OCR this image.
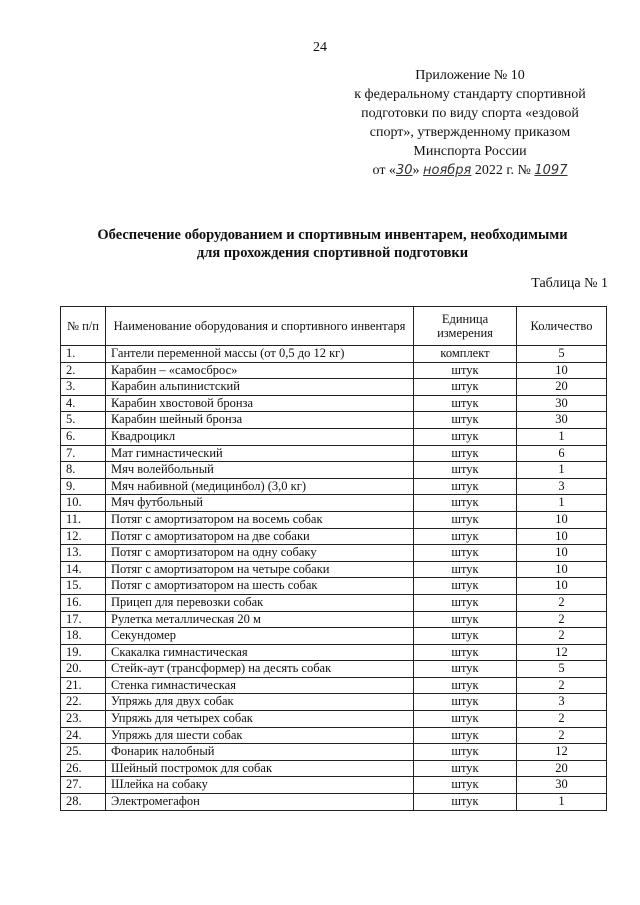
24
Приложение № 10
к федеральному стандарту спортивной
подготовки по виду спорта «ездовой
спорт», утвержденному приказом
Минспорта России
от «30» ноября 2022 г. № 1097
Обеспечение оборудованием и спортивным инвентарем, необходимыми
для прохождения спортивной подготовки
Таблица № 1
№ п/п	Наименование оборудования и спортивного инвентаря	Единица измерения	Количество
1.	Гантели переменной массы (от 0,5 до 12 кг)	комплект	5
2.	Карабин – «самосброс»	штук	10
3.	Карабин альпинистский	штук	20
4.	Карабин хвостовой бронза	штук	30
5.	Карабин шейный бронза	штук	30
6.	Квадроцикл	штук	1
7.	Мат гимнастический	штук	6
8.	Мяч волейбольный	штук	1
9.	Мяч набивной (медицинбол) (3,0 кг)	штук	3
10.	Мяч футбольный	штук	1
11.	Потяг с амортизатором на восемь собак	штук	10
12.	Потяг с амортизатором на две собаки	штук	10
13.	Потяг с амортизатором на одну собаку	штук	10
14.	Потяг с амортизатором на четыре собаки	штук	10
15.	Потяг с амортизатором на шесть собак	штук	10
16.	Прицеп для перевозки собак	штук	2
17.	Рулетка металлическая 20 м	штук	2
18.	Секундомер	штук	2
19.	Скакалка гимнастическая	штук	12
20.	Стейк-аут (трансформер) на десять собак	штук	5
21.	Стенка гимнастическая	штук	2
22.	Упряжь для двух собак	штук	3
23.	Упряжь для четырех собак	штук	2
24.	Упряжь для шести собак	штук	2
25.	Фонарик налобный	штук	12
26.	Шейный постромок для собак	штук	20
27.	Шлейка на собаку	штук	30
28.	Электромегафон	штук	1
